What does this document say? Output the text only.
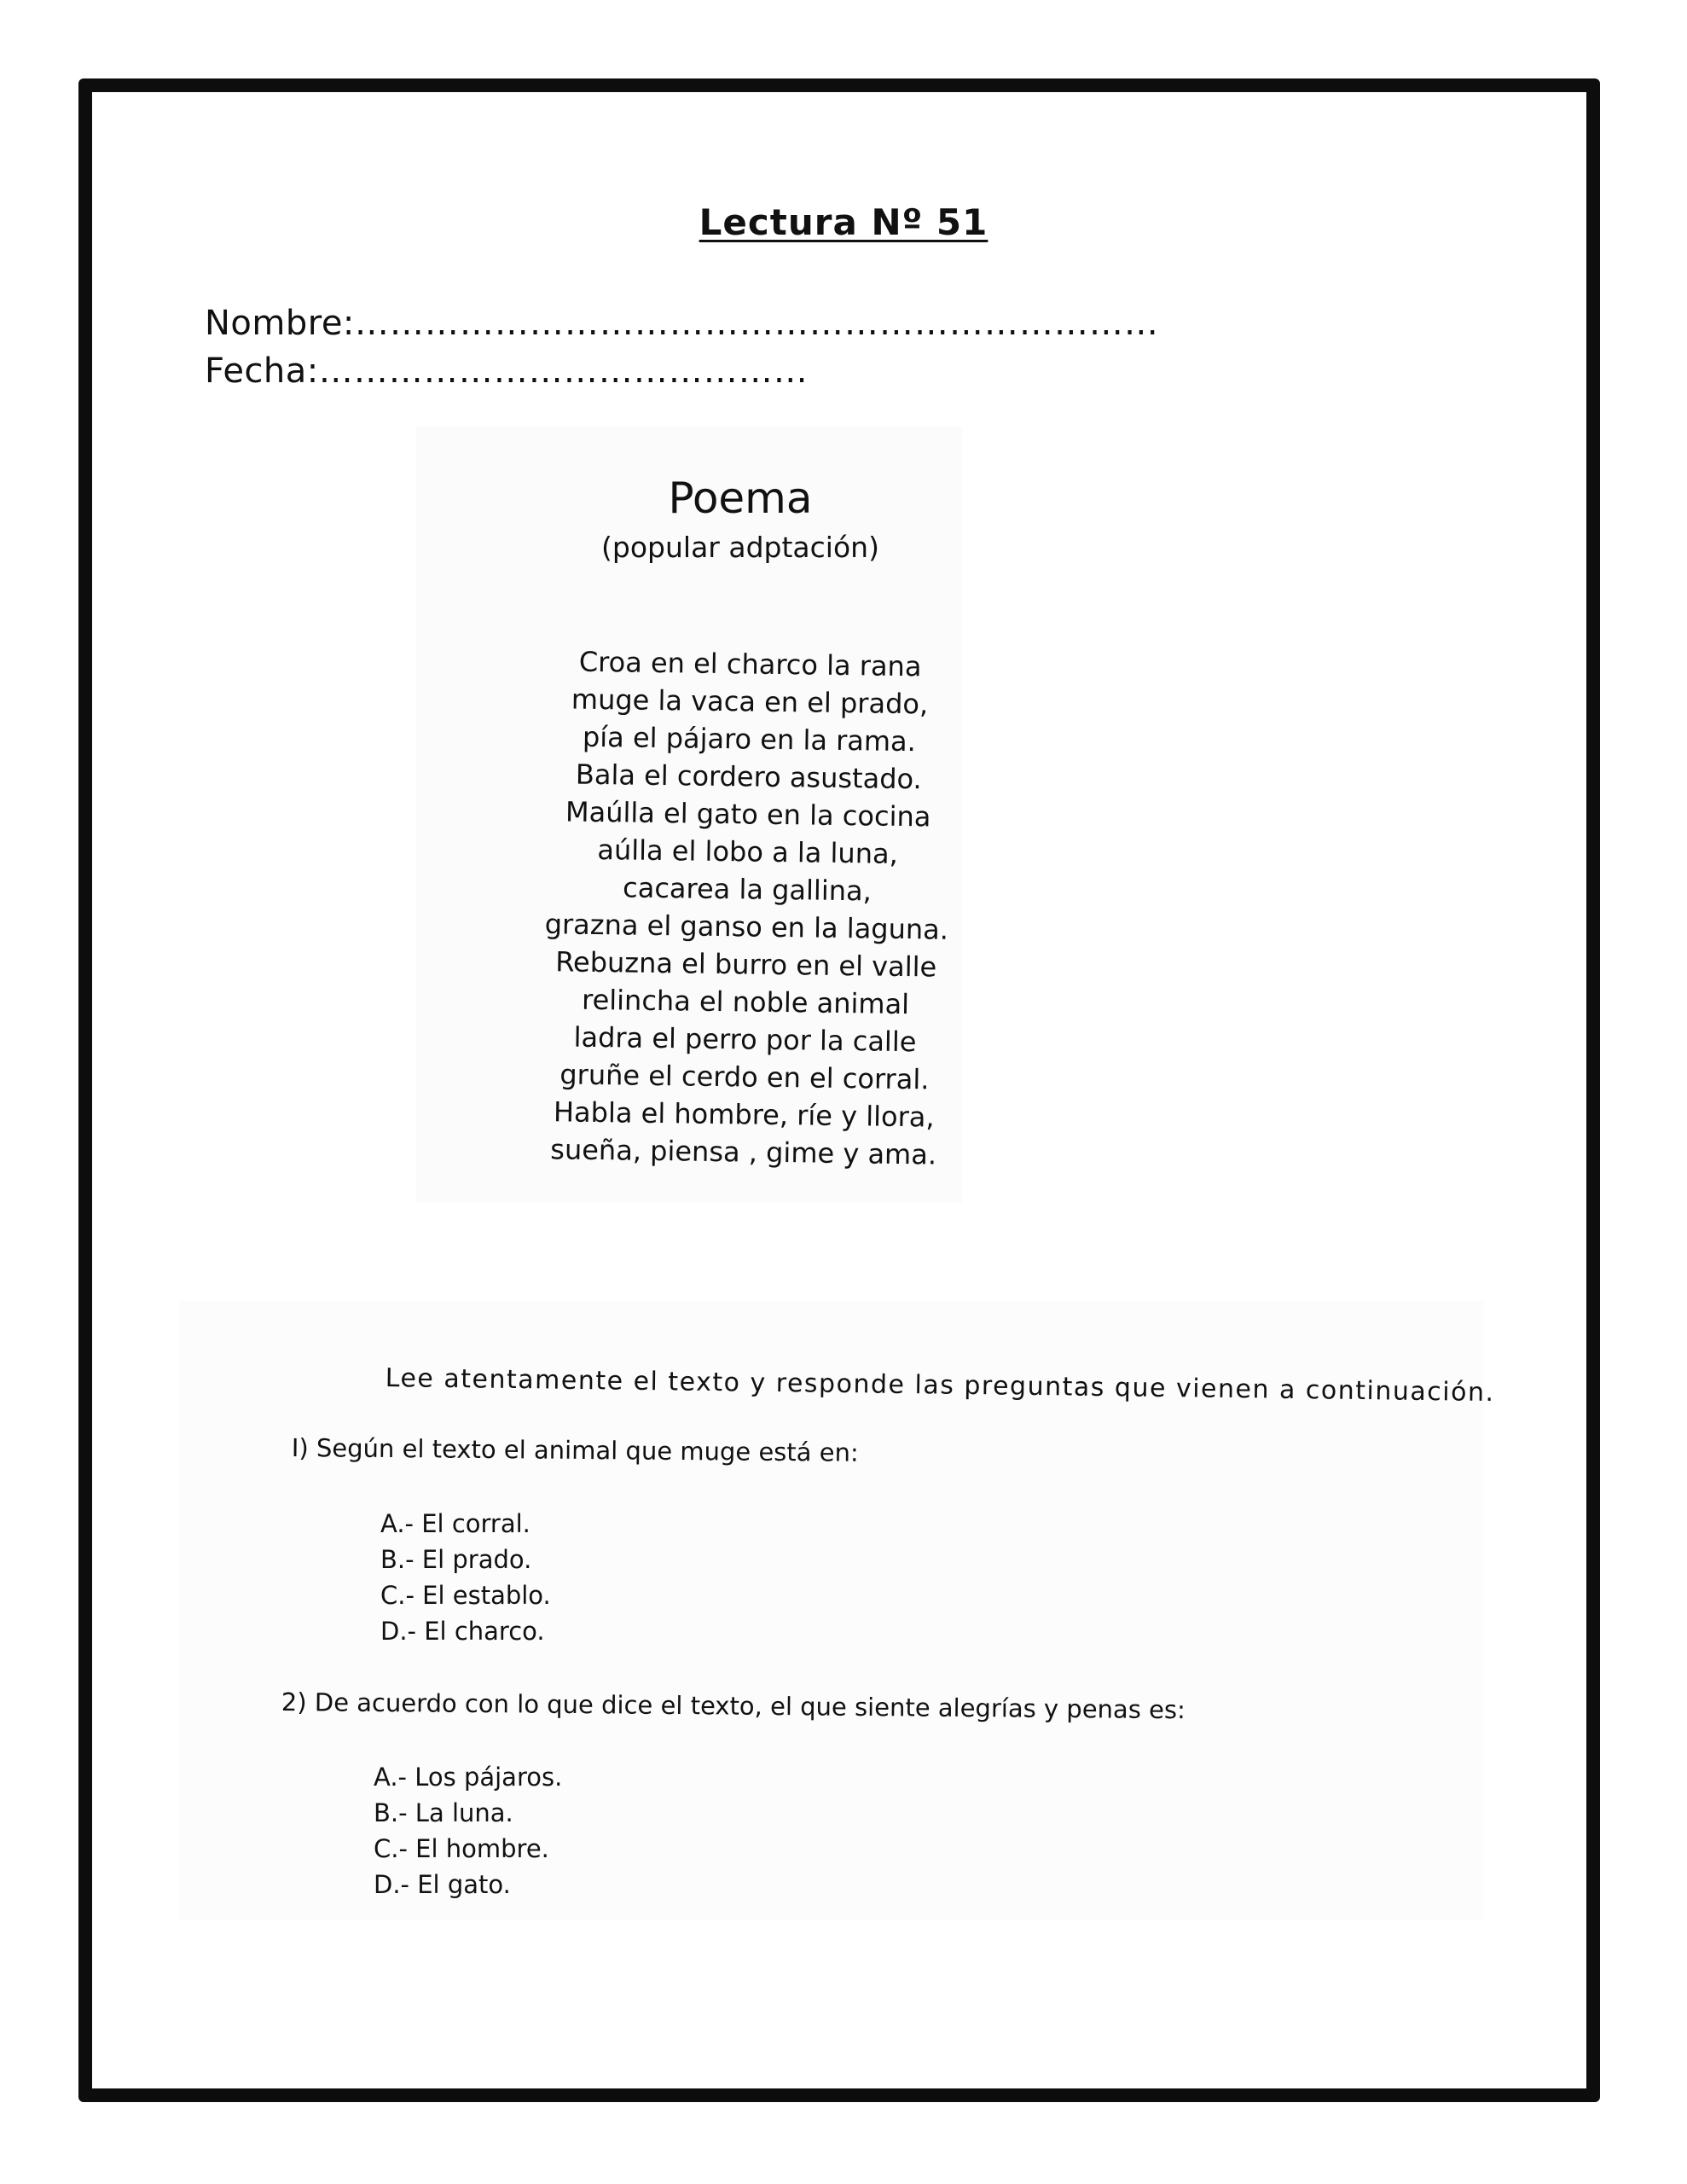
Lectura Nº 51
Nombre:……………………………………………………………
Fecha:……………………………………
Poema
(popular adptación)
Croa en el charco la rana
muge la vaca en el prado,
pía el pájaro en la rama.
Bala el cordero asustado.
Maúlla el gato en la cocina
aúlla el lobo a la luna,
cacarea la gallina,
grazna el ganso en la laguna.
Rebuzna el burro en el valle
relincha el noble animal
ladra el perro por la calle
gruñe el cerdo en el corral.
Habla el hombre, ríe y llora,
sueña, piensa , gime y ama.
Lee atentamente el texto y responde las preguntas que vienen a continuación.
I) Según el texto el animal que muge está en:
A.- El corral.
B.- El prado.
C.- El establo.
D.- El charco.
2) De acuerdo con lo que dice el texto, el que siente alegrías y penas es:
A.- Los pájaros.
B.- La luna.
C.- El hombre.
D.- El gato.
